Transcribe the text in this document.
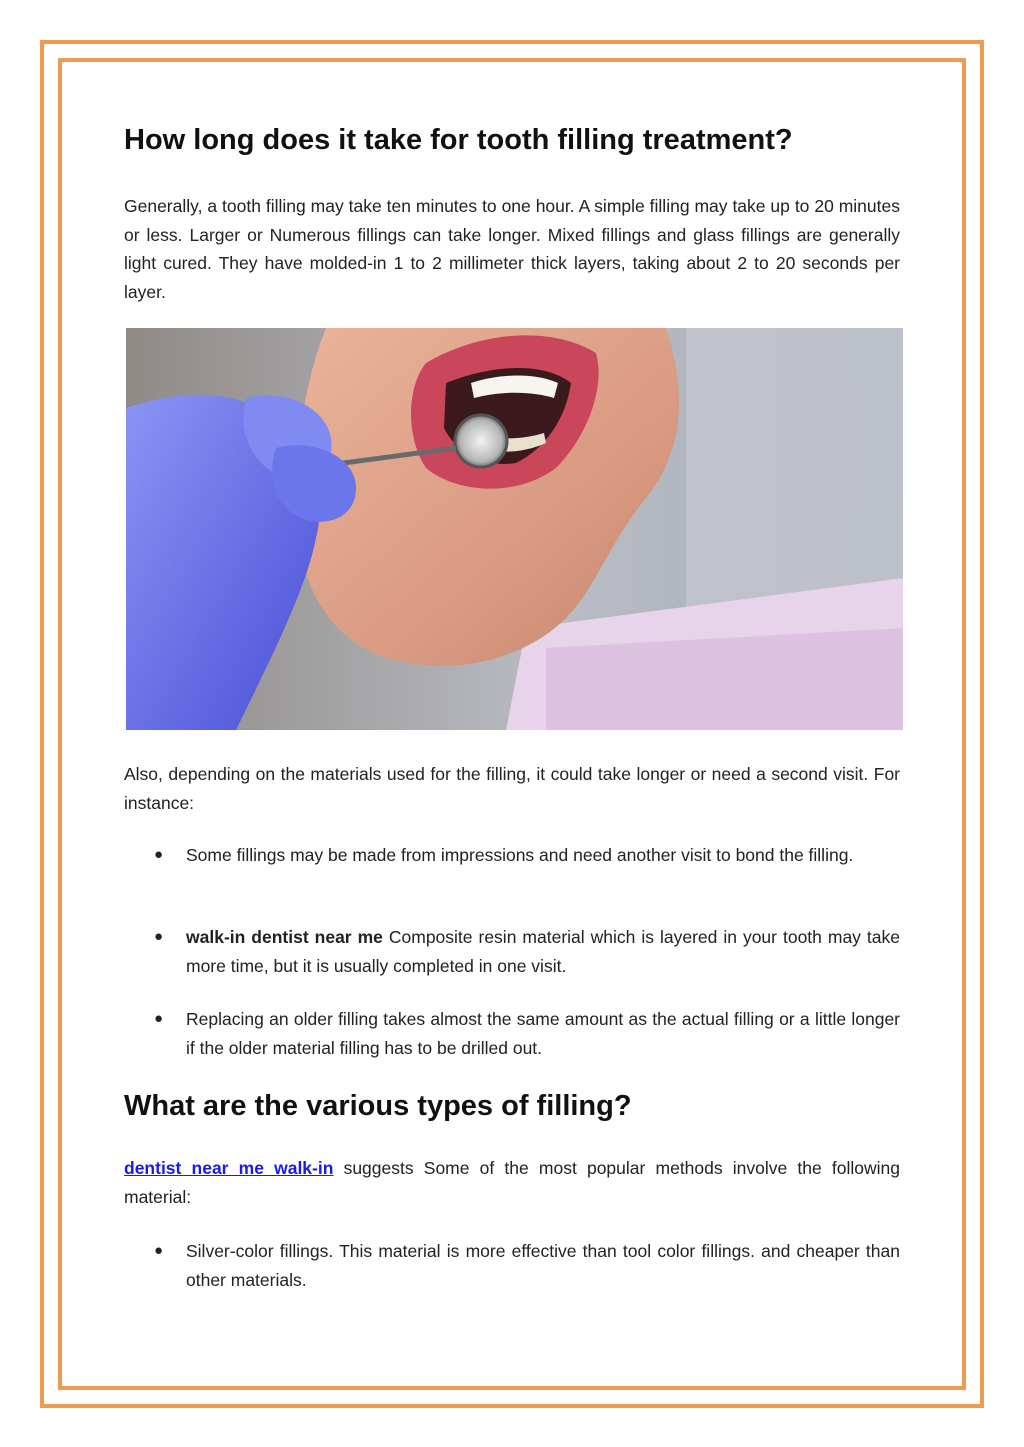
How long does it take for tooth filling treatment?

Generally, a tooth filling may take ten minutes to one hour. A simple filling may take up to 20 minutes or less. Larger or Numerous fillings can take longer. Mixed fillings and glass fillings are generally light cured. They have molded-in 1 to 2 millimeter thick layers, taking about 2 to 20 seconds per layer.

Also, depending on the materials used for the filling, it could take longer or need a second visit. For instance:

● Some fillings may be made from impressions and need another visit to bond the filling.
● walk-in dentist near me Composite resin material which is layered in your tooth may take more time, but it is usually completed in one visit.
● Replacing an older filling takes almost the same amount as the actual filling or a little longer if the older material filling has to be drilled out.
What are the various types of filling?

dentist near me walk-in suggests Some of the most popular methods involve the following material:

● Silver-color fillings. This material is more effective than tool color fillings. and cheaper than other materials.
